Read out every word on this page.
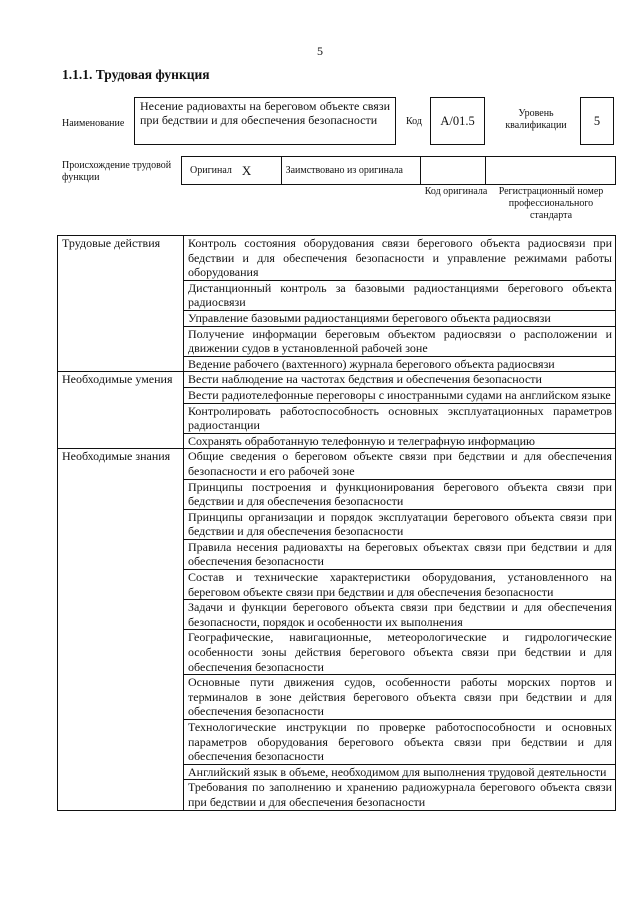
5
1.1.1. Трудовая функция
Наименование
Несение радиовахты на береговом объекте связи при бедствии и для обеспечения безопасности	Код	А/01.5	Уровень квалификации	5
Происхождение трудовой функции
Оригинал X	Заимствовано из оригинала
Код оригинала	Регистрационный номер профессионального стандарта
Трудовые действия	Контроль состояния оборудования связи берегового объекта радиосвязи при бедствии и для обеспечения безопасности и управление режимами работы оборудования
	Дистанционный контроль за базовыми радиостанциями берегового объекта радиосвязи
	Управление базовыми радиостанциями берегового объекта радиосвязи
	Получение информации береговым объектом радиосвязи о расположении и движении судов в установленной рабочей зоне
	Ведение рабочего (вахтенного) журнала берегового объекта радиосвязи
Необходимые умения	Вести наблюдение на частотах бедствия и обеспечения безопасности
	Вести радиотелефонные переговоры с иностранными судами на английском языке
	Контролировать работоспособность основных эксплуатационных параметров радиостанции
	Сохранять обработанную телефонную и телеграфную информацию
Необходимые знания	Общие сведения о береговом объекте связи при бедствии и для обеспечения безопасности и его рабочей зоне
	Принципы построения и функционирования берегового объекта связи при бедствии и для обеспечения безопасности
	Принципы организации и порядок эксплуатации берегового объекта связи при бедствии и для обеспечения безопасности
	Правила несения радиовахты на береговых объектах связи при бедствии и для обеспечения безопасности
	Состав и технические характеристики оборудования, установленного на береговом объекте связи при бедствии и для обеспечения безопасности
	Задачи и функции берегового объекта связи при бедствии и для обеспечения безопасности, порядок и особенности их выполнения
	Географические, навигационные, метеорологические и гидрологические особенности зоны действия берегового объекта связи при бедствии и для обеспечения безопасности
	Основные пути движения судов, особенности работы морских портов и терминалов в зоне действия берегового объекта связи при бедствии и для обеспечения безопасности
	Технологические инструкции по проверке работоспособности и основных параметров оборудования берегового объекта связи при бедствии и для обеспечения безопасности
	Английский язык в объеме, необходимом для выполнения трудовой деятельности
	Требования по заполнению и хранению радиожурнала берегового объекта связи при бедствии и для обеспечения безопасности
